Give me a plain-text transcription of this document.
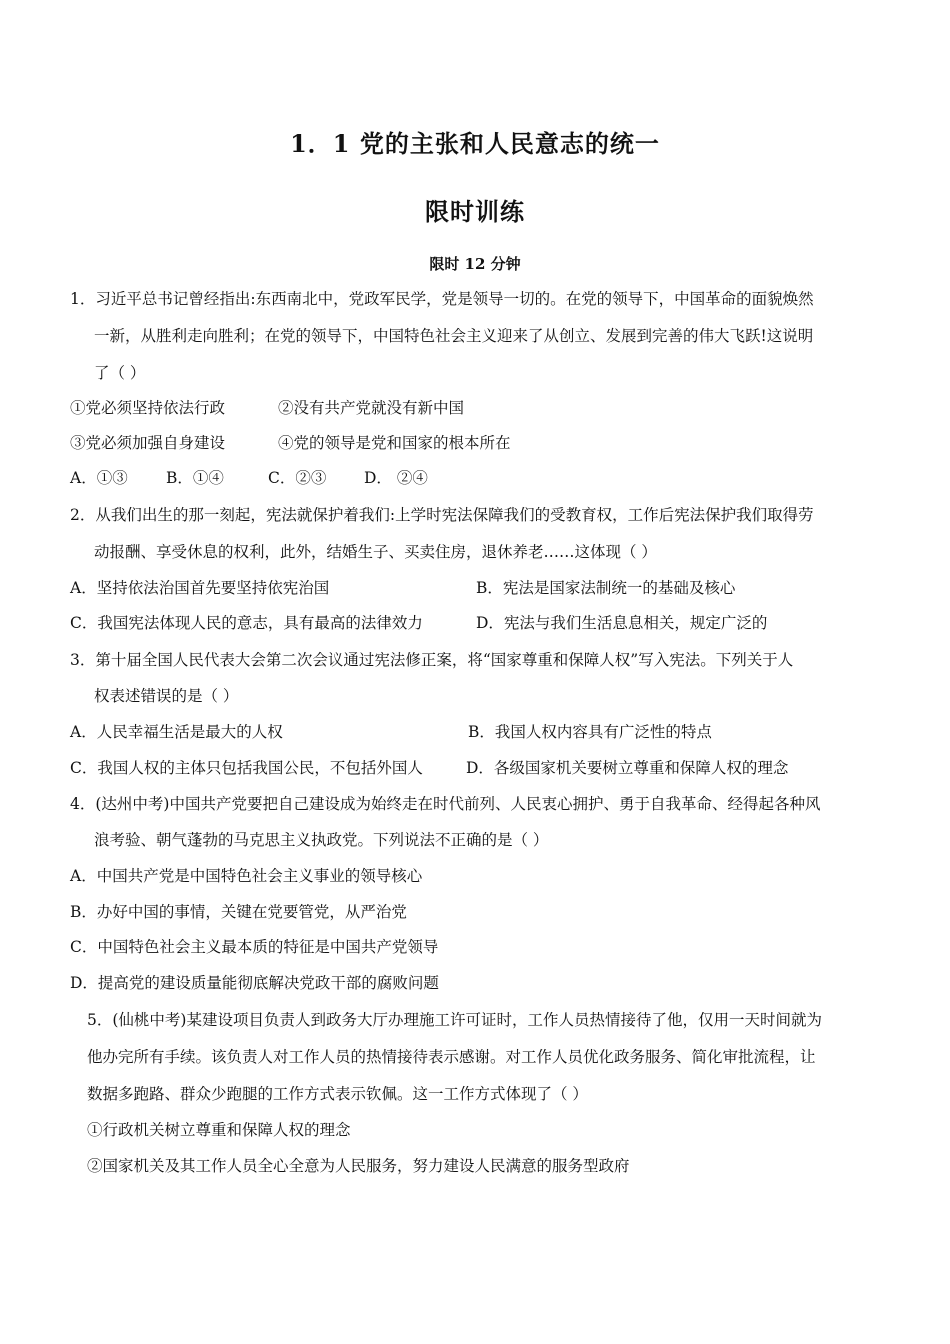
1．1 党的主张和人民意志的统一
限时训练
限时 12 分钟
1．习近平总书记曾经指出:东西南北中，党政军民学，党是领导一切的。在党的领导下，中国革命的面貌焕然
一新，从胜利走向胜利；在党的领导下，中国特色社会主义迎来了从创立、发展到完善的伟大飞跃!这说明
了（ ）
①党必须坚持依法行政	②没有共产党就没有新中国
③党必须加强自身建设	④党的领导是党和国家的根本所在
A．①③ B．①④	C．②③ D． ②④
2．从我们出生的那一刻起，宪法就保护着我们:上学时宪法保障我们的受教育权，工作后宪法保护我们取得劳
动报酬、享受休息的权利，此外，结婚生子、买卖住房，退休养老……这体现（ ）
A．坚持依法治国首先要坚持依宪治国	B．宪法是国家法制统一的基础及核心
C．我国宪法体现人民的意志，具有最高的法律效力	D．宪法与我们生活息息相关，规定广泛的
3．第十届全国人民代表大会第二次会议通过宪法修正案，将“国家尊重和保障人权”写入宪法。下列关于人
权表述错误的是（ ）
A．人民幸福生活是最大的人权	B．我国人权内容具有广泛性的特点
C．我国人权的主体只包括我国公民，不包括外国人	D．各级国家机关要树立尊重和保障人权的理念
4．(达州中考)中国共产党要把自己建设成为始终走在时代前列、人民衷心拥护、勇于自我革命、经得起各种风
浪考验、朝气蓬勃的马克思主义执政党。下列说法不正确的是（ ）
A．中国共产党是中国特色社会主义事业的领导核心
B．办好中国的事情，关键在党要管党，从严治党
C．中国特色社会主义最本质的特征是中国共产党领导
D．提高党的建设质量能彻底解决党政干部的腐败问题
5．(仙桃中考)某建设项目负责人到政务大厅办理施工许可证时，工作人员热情接待了他，仅用一天时间就为
他办完所有手续。该负责人对工作人员的热情接待表示感谢。对工作人员优化政务服务、简化审批流程，让
数据多跑路、群众少跑腿的工作方式表示钦佩。这一工作方式体现了（ ）
①行政机关树立尊重和保障人权的理念
②国家机关及其工作人员全心全意为人民服务，努力建设人民满意的服务型政府
